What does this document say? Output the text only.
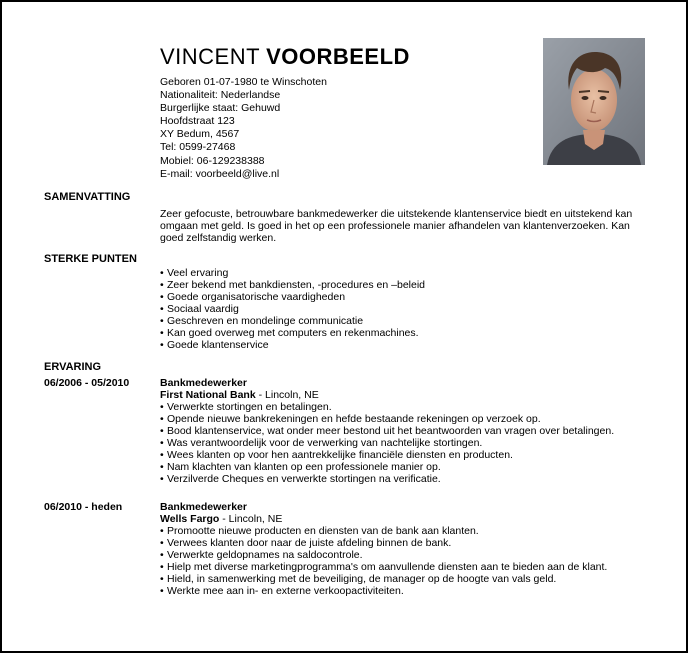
VINCENT VOORBEELD
Geboren 01-07-1980 te Winschoten
Nationaliteit: Nederlandse
Burgerlijke staat: Gehuwd
Hoofdstraat 123
XY Bedum, 4567
Tel: 0599-27468
Mobiel: 06-129238388
E-mail: voorbeeld@live.nl
SAMENVATTING
Zeer gefocuste, betrouwbare bankmedewerker die uitstekende klantenservice biedt en uitstekend kan omgaan met geld. Is goed in het op een professionele manier afhandelen van klantenverzoeken. Kan goed zelfstandig werken.
STERKE PUNTEN
• Veel ervaring
• Zeer bekend met bankdiensten, -procedures en –beleid
• Goede organisatorische vaardigheden
• Sociaal vaardig
• Geschreven en mondelinge communicatie
• Kan goed overweg met computers en rekenmachines.
• Goede klantenservice
ERVARING
06/2006 - 05/2010	Bankmedewerker
First National Bank - Lincoln, NE
• Verwerkte stortingen en betalingen.
• Opende nieuwe bankrekeningen en hefde bestaande rekeningen op verzoek op.
• Bood klantenservice, wat onder meer bestond uit het beantwoorden van vragen over betalingen.
• Was verantwoordelijk voor de verwerking van nachtelijke stortingen.
• Wees klanten op voor hen aantrekkelijke financiële diensten en producten.
• Nam klachten van klanten op een professionele manier op.
• Verzilverde Cheques en verwerkte stortingen na verificatie.
06/2010 - heden	Bankmedewerker
Wells Fargo - Lincoln, NE
• Promootte nieuwe producten en diensten van de bank aan klanten.
• Verwees klanten door naar de juiste afdeling binnen de bank.
• Verwerkte geldopnames na saldocontrole.
• Hielp met diverse marketingprogramma's om aanvullende diensten aan te bieden aan de klant.
• Hield, in samenwerking met de beveiliging, de manager op de hoogte van vals geld.
• Werkte mee aan in- en externe verkoopactiviteiten.
